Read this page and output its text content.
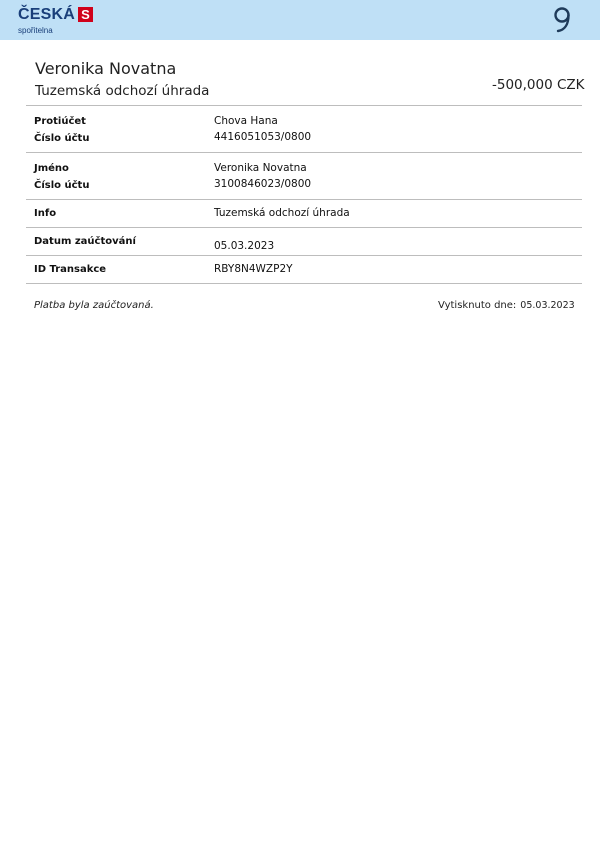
ČESKÁ S
spořitelna
Veronika Novatna
Tuzemská odchozí úhrada	-500,000 CZK
Protiúčet	Chova Hana
Číslo účtu	4416051053/0800
Jméno	Veronika Novatna
Číslo účtu	3100846023/0800
Info	Tuzemská odchozí úhrada
Datum zaúčtování	05.03.2023
ID Transakce	RBY8N4WZP2Y
Platba byla zaúčtovaná.	Vytisknuto dne: 05.03.2023
